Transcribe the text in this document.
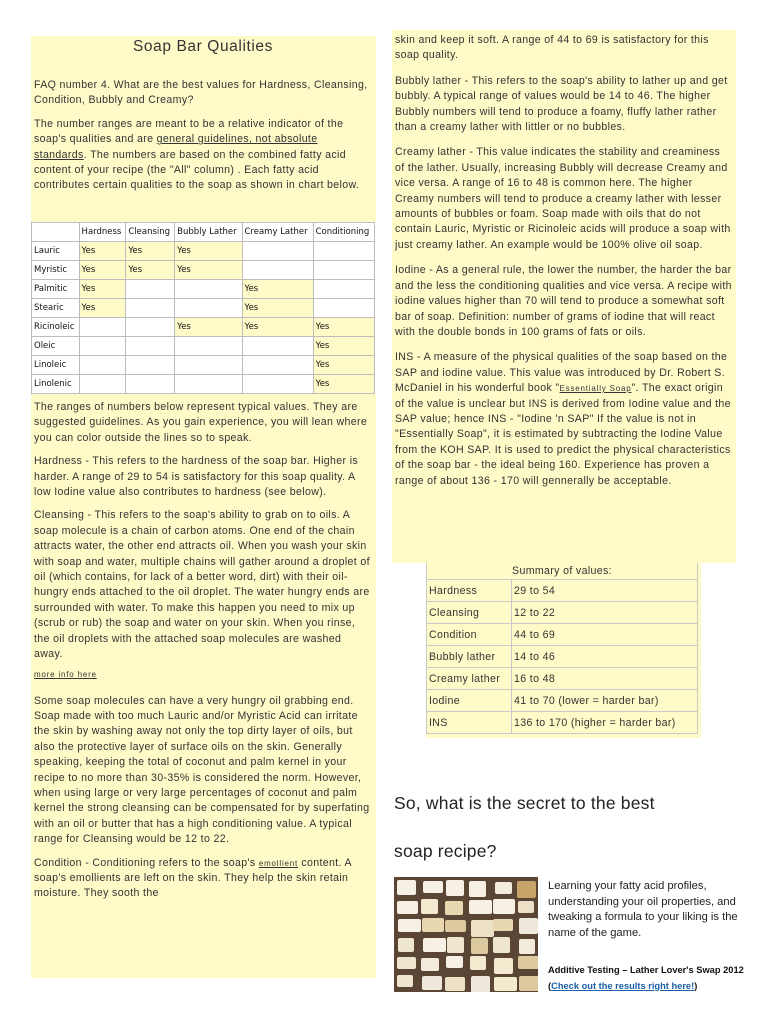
Soap Bar Qualities

FAQ number 4. What are the best values for Hardness, Cleansing, Condition, Bubbly and Creamy?

The number ranges are meant to be a relative indicator of the soap's qualities and are general guidelines, not absolute standards. The numbers are based on the combined fatty acid content of your recipe (the "All" column) . Each fatty acid contributes certain qualities to the soap as shown in chart below.

	Hardness	Cleansing	Bubbly Lather	Creamy Lather	Conditioning
Lauric	Yes	Yes	Yes		
Myristic	Yes	Yes	Yes		
Palmitic	Yes			Yes	
Stearic	Yes			Yes	
Ricinoleic			Yes	Yes	Yes
Oleic					Yes
Linoleic					Yes
Linolenic					Yes

The ranges of numbers below represent typical values. They are suggested guidelines. As you gain experience, you will lean where you can color outside the lines so to speak.

Hardness - This refers to the hardness of the soap bar. Higher is harder. A range of 29 to 54 is satisfactory for this soap quality. A low Iodine value also contributes to hardness (see below).

Cleansing - This refers to the soap's ability to grab on to oils. A soap molecule is a chain of carbon atoms. One end of the chain attracts water, the other end attracts oil. When you wash your skin with soap and water, multiple chains will gather around a droplet of oil (which contains, for lack of a better word, dirt) with their oil-hungry ends attached to the oil droplet. The water hungry ends are surrounded with water. To make this happen you need to mix up (scrub or rub) the soap and water on your skin. When you rinse, the oil droplets with the attached soap molecules are washed away.

more info here

Some soap molecules can have a very hungry oil grabbing end. Soap made with too much Lauric and/or Myristic Acid can irritate the skin by washing away not only the top dirty layer of oils, but also the protective layer of surface oils on the skin. Generally speaking, keeping the total of coconut and palm kernel in your recipe to no more than 30-35% is considered the norm. However, when using large or very large percentages of coconut and palm kernel the strong cleansing can be compensated for by superfating with an oil or butter that has a high conditioning value. A typical range for Cleansing would be 12 to 22.

Condition - Conditioning refers to the soap's emollient content. A soap's emollients are left on the skin. They help the skin retain moisture. They sooth the

skin and keep it soft. A range of 44 to 69 is satisfactory for this soap quality.

Bubbly lather - This refers to the soap's ability to lather up and get bubbly. A typical range of values would be 14 to 46. The higher Bubbly numbers will tend to produce a foamy, fluffy lather rather than a creamy lather with littler or no bubbles.

Creamy lather - This value indicates the stability and creaminess of the lather. Usually, increasing Bubbly will decrease Creamy and vice versa. A range of 16 to 48 is common here. The higher Creamy numbers will tend to produce a creamy lather with lesser amounts of bubbles or foam. Soap made with oils that do not contain Lauric, Myristic or Ricinoleic acids will produce a soap with just creamy lather. An example would be 100% olive oil soap.

Iodine - As a general rule, the lower the number, the harder the bar and the less the conditioning qualities and vice versa. A recipe with iodine values higher than 70 will tend to produce a somewhat soft bar of soap. Definition: number of grams of iodine that will react with the double bonds in 100 grams of fats or oils.

INS - A measure of the physical qualities of the soap based on the SAP and iodine value. This value was introduced by Dr. Robert S. McDaniel in his wonderful book "Essentially Soap". The exact origin of the value is unclear but INS is derived from Iodine value and the SAP value; hence INS - "Iodine 'n SAP" If the value is not in "Essentially Soap", it is estimated by subtracting the Iodine Value from the KOH SAP. It is used to predict the physical characteristics of the soap bar - the ideal being 160. Experience has proven a range of about 136 - 170 will gennerally be acceptable.

Summary of values:	
Hardness	29 to 54
Cleansing	12 to 22
Condition	44 to 69
Bubbly lather	14 to 46
Creamy lather	16 to 48
Iodine	41 to 70 (lower = harder bar)
INS	136 to 170 (higher = harder bar)
So, what is the secret to the best
soap recipe?
Learning your fatty acid profiles, understanding your oil properties, and tweaking a formula to your liking is the name of the game.
Additive Testing – Lather Lover's Swap 2012 (Check out the results right here!)
